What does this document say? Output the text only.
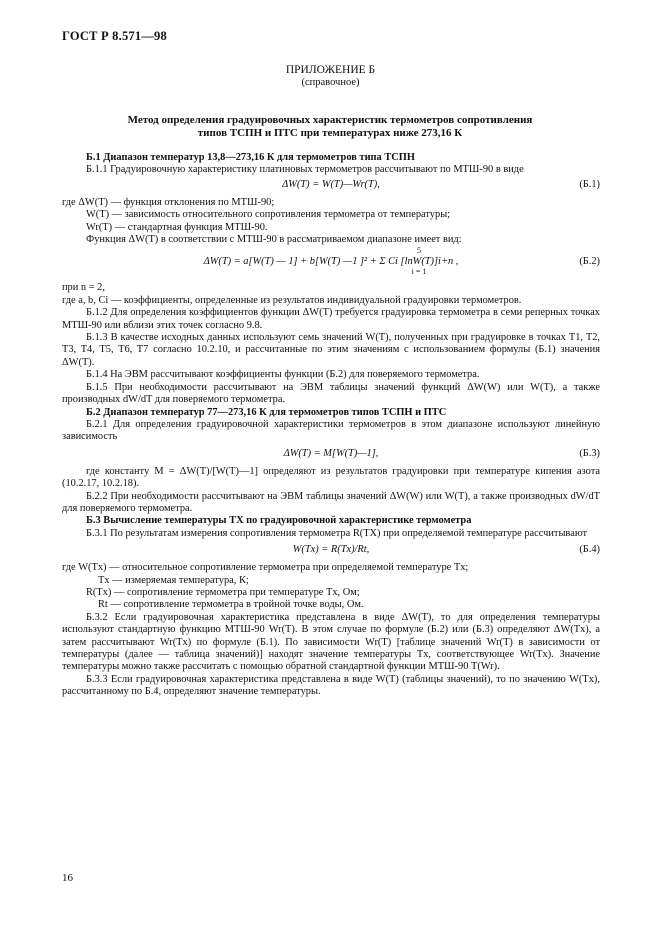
ГОСТ Р 8.571—98
ПРИЛОЖЕНИЕ Б
(справочное)
Метод определения градуировочных характеристик термометров сопротивления
типов ТСПН и ПТС при температурах ниже 273,16 К

Б.1 Диапазон температур 13,8—273,16 К для термометров типа ТСПН

Б.1.1 Градуировочную характеристику платиновых термометров рассчитывают по МТШ-90 в виде

ΔW(T) = W(T)—Wr(T),	(Б.1)

где ΔW(T) — функция отклонения по МТШ-90;

W(T) — зависимость относительного сопротивления термометра от температуры;

Wr(T) — стандартная функция МТШ-90.

Функция ΔW(T) в соответствии с МТШ-90 в рассматриваемом диапазоне имеет вид:

5
ΔW(T) = a[W(T) — 1] + b[W(T) —1 ]² + Σ Ci [lnW(T)]i+n ,
i = 1
(Б.2)

при n = 2,

где a, b, Ci — коэффициенты, определенные из результатов индивидуальной градуировки термометров.

Б.1.2 Для определения коэффициентов функции ΔW(T) требуется градуировка термометра в семи реперных точках МТШ-90 или вблизи этих точек согласно 9.8.

Б.1.3 В качестве исходных данных используют семь значений W(T), полученных при градуировке в точках T1, T2, T3, T4, T5, T6, T7 согласно 10.2.10, и рассчитанные по этим значениям с использованием формулы (Б.1) значения ΔW(T).

Б.1.4 На ЭВМ рассчитывают коэффициенты функции (Б.2) для поверяемого термометра.

Б.1.5 При необходимости рассчитывают на ЭВМ таблицы значений функций ΔW(W) или W(T), а также производных dW/dT для поверяемого термометра.

Б.2 Диапазон температур 77—273,16 К для термометров типов ТСПН и ПТС

Б.2.1 Для определения градуировочной характеристики термометров в этом диапазоне используют линейную зависимость

ΔW(T) = M[W(T)—1],	(Б.3)

где константу M = ΔW(T)/[W(T)—1] определяют из результатов градуировки при температуре кипения азота (10.2.17, 10.2.18).

Б.2.2 При необходимости рассчитывают на ЭВМ таблицы значений ΔW(W) или W(T), а также производных dW/dT для поверяемого термометра.

Б.3 Вычисление температуры TX по градуировочной характеристике термометра

Б.3.1 По результатам измерения сопротивления термометра R(TX) при определяемой температуре рассчитывают

W(Tx) = R(Tx)/Rt,	(Б.4)

где W(Tx) — относительное сопротивление термометра при определяемой температуре Tx;

Tx — измеряемая температура, К;

R(Tx) — сопротивление термометра при температуре Tx, Ом;

Rt — сопротивление термометра в тройной точке воды, Ом.

Б.3.2 Если градуировочная характеристика представлена в виде ΔW(T), то для определения температуры используют стандартную функцию МТШ-90 Wr(T). В этом случае по формуле (Б.2) или (Б.3) определяют ΔW(Tx), а затем рассчитывают Wr(Tx) по формуле (Б.1). По зависимости Wr(T) [таблице значений Wr(T) в зависимости от температуры (далее — таблица значений)] находят значение температуры Tx, соответствующее Wr(Tx). Значение температуры можно также рассчитать с помощью обратной стандартной функции МТШ-90 T(Wr).

Б.3.3 Если градуировочная характеристика представлена в виде W(T) (таблицы значений), то по значению W(Tx), рассчитанному по Б.4, определяют значение температуры.

16
